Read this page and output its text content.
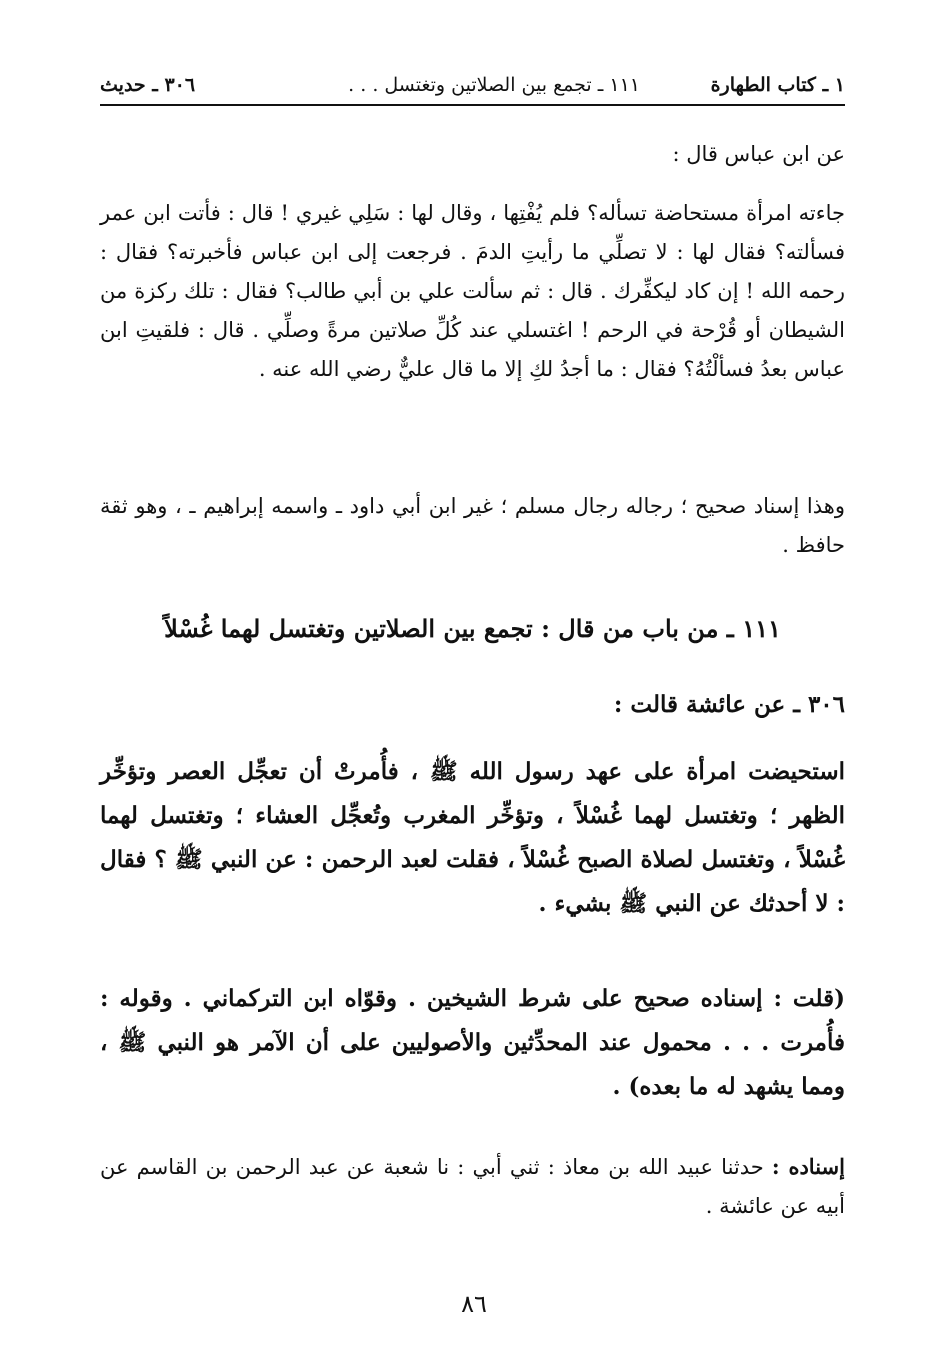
١ ـ كتاب الطهارة
١١١ ـ تجمع بين الصلاتين وتغتسل . . .
٣٠٦ ـ حديث
عن ابن عباس قال :
جاءته امرأة مستحاضة تسأله؟ فلم يُفْتِها ، وقال لها : سَلِي غيري ! قال : فأتت ابن عمر فسألته؟ فقال لها : لا تصلِّي ما رأيتِ الدمَ . فرجعت إلى ابن عباس فأخبرته؟ فقال : رحمه الله ! إن كاد ليكفِّرك . قال : ثم سألت علي بن أبي طالب؟ فقال : تلك ركزة من الشيطان أو قُرْحة في الرحم ! اغتسلي عند كُلِّ صلاتين مرةً وصلِّي . قال : فلقيتِ ابن عباس بعدُ فسألْتُهُ؟ فقال : ما أجدُ لكِ إلا ما قال عليٌّ رضي الله عنه .
وهذا إسناد صحيح ؛ رجاله رجال مسلم ؛ غير ابن أبي داود ـ واسمه إبراهيم ـ ، وهو ثقة حافظ .
١١١ ـ من باب من قال : تجمع بين الصلاتين وتغتسل لهما غُسْلاً
٣٠٦ ـ عن عائشة قالت :
استحيضت امرأة على عهد رسول الله ﷺ ، فأُمرتْ أن تعجِّل العصر وتؤخِّر الظهر ؛ وتغتسل لهما غُسْلاً ، وتؤخِّر المغرب وتُعجِّل العشاء ؛ وتغتسل لهما غُسْلاً ، وتغتسل لصلاة الصبح غُسْلاً ، فقلت لعبد الرحمن : عن النبي ﷺ ؟ فقال : لا أحدثك عن النبي ﷺ بشيء .
(قلت : إسناده صحيح على شرط الشيخين . وقوّاه ابن التركماني . وقوله : فأُمرت . . . محمول عند المحدِّثين والأصوليين على أن الآمر هو النبي ﷺ ، ومما يشهد له ما بعده) .
إسناده : حدثنا عبيد الله بن معاذ : ثني أبي : نا شعبة عن عبد الرحمن بن القاسم عن أبيه عن عائشة .
٨٦
